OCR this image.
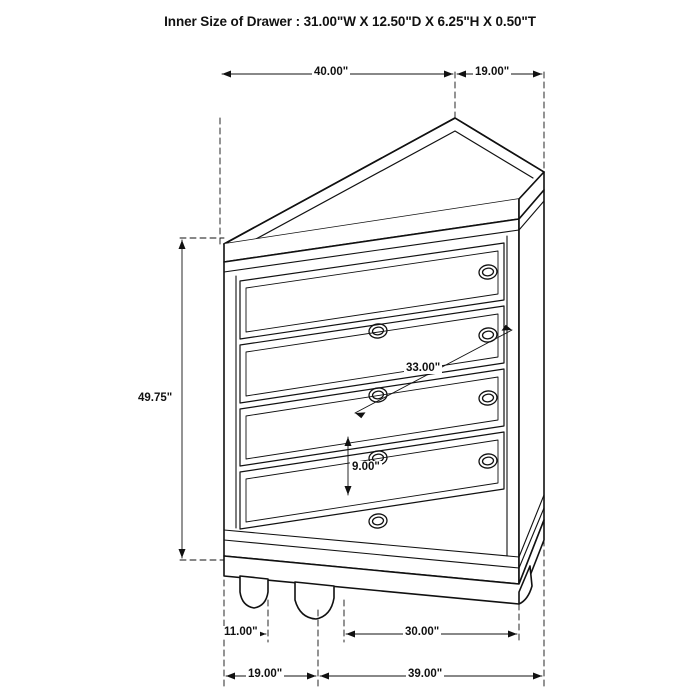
Inner Size of Drawer : 31.00"W X 12.50"D X 6.25"H X 0.50"T
40.00"	19.00"
49.75"
33.00"
9.00"
11.00"	30.00"
19.00"	39.00"
